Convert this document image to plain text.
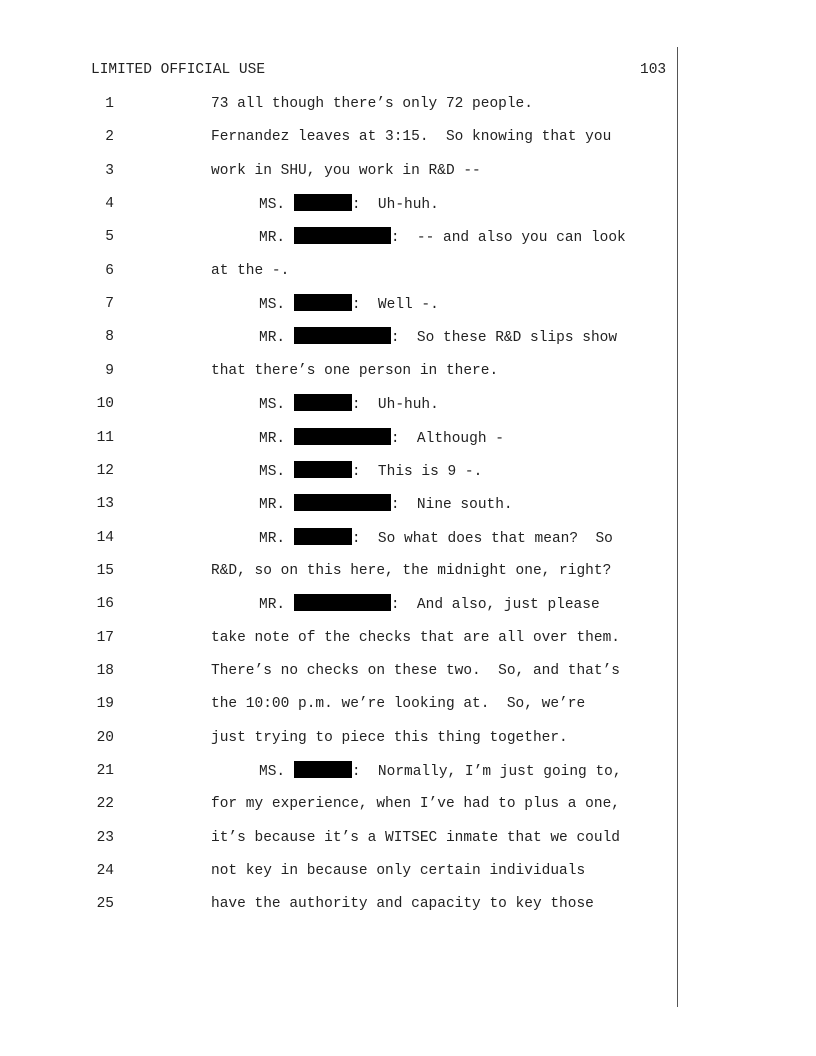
LIMITED OFFICIAL USE	103
1	73 all though there’s only 72 people.
2	Fernandez leaves at 3:15.  So knowing that you
3	work in SHU, you work in R&D --
4	MS.	:  Uh-huh.
5	MR.	:  -- and also you can look
6	at the -.
7	MS.	:  Well -.
8	MR.	:  So these R&D slips show
9	that there’s one person in there.
10	MS.	:  Uh-huh.
11	MR.	:  Although -
12	MS.	:  This is 9 -.
13	MR.	:  Nine south.
14	MR.	:  So what does that mean?  So
15	R&D, so on this here, the midnight one, right?
16	MR.	:  And also, just please
17	take note of the checks that are all over them.
18	There’s no checks on these two.  So, and that’s
19	the 10:00 p.m. we’re looking at.  So, we’re
20	just trying to piece this thing together.
21	MS.	:  Normally, I’m just going to,
22	for my experience, when I’ve had to plus a one,
23	it’s because it’s a WITSEC inmate that we could
24	not key in because only certain individuals
25	have the authority and capacity to key those
